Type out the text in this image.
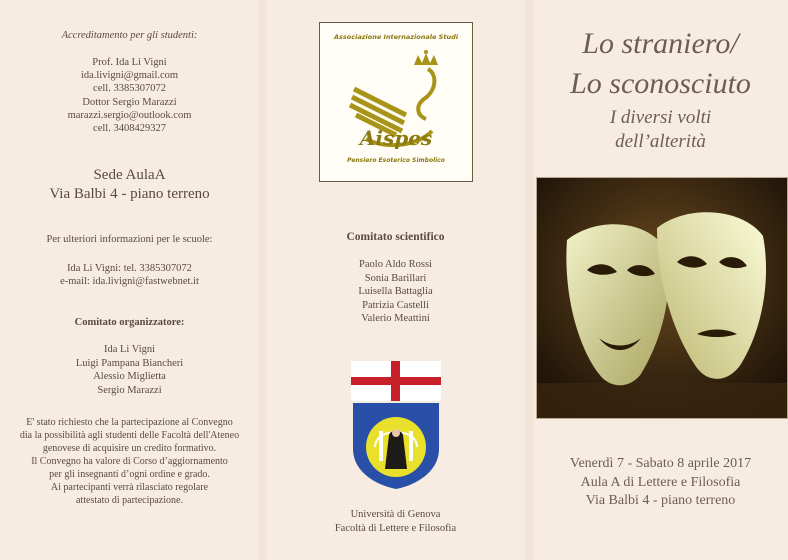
Accreditamento per gli studenti:
Prof. Ida Li Vigni
ida.livigni@gmail.com
cell. 3385307072
Dottor Sergio Marazzi
marazzi.sergio@outlook.com
cell. 3408429327
Sede AulaA
Via Balbi 4 - piano terreno
Per ulteriori informazioni per le scuole:
Ida Li Vigni: tel. 3385307072
e-mail: ida.livigni@fastwebnet.it
Comitato organizzatore:
Ida Li Vigni
Luigi Pampana Biancheri
Alessio Miglietta
Sergio Marazzi
E' stato richiesto che la partecipazione al Convegno
dia la possibilità agli studenti delle Facoltà dell'Ateneo
genovese di acquisire un credito formativo.
Il Convegno ha valore di Corso d’aggiornamento
per gli insegnanti d’ogni ordine e grado.
Ai partecipanti verrà rilasciato regolare
attestato di partecipazione.
Associazione Internazionale Studi
Aispes
Pensiero Esoterico Simbolico
Comitato scientifico
Paolo Aldo Rossi
Sonia Barillari
Luisella Battaglia
Patrizia Castelli
Valerio Meattini
Università di Genova
Facoltà di Lettere e Filosofia
Lo straniero/
Lo sconosciuto
I diversi volti
dell’alterità
Venerdì 7 - Sabato 8 aprile 2017
Aula A di Lettere e Filosofia
Via Balbi 4 - piano terreno
